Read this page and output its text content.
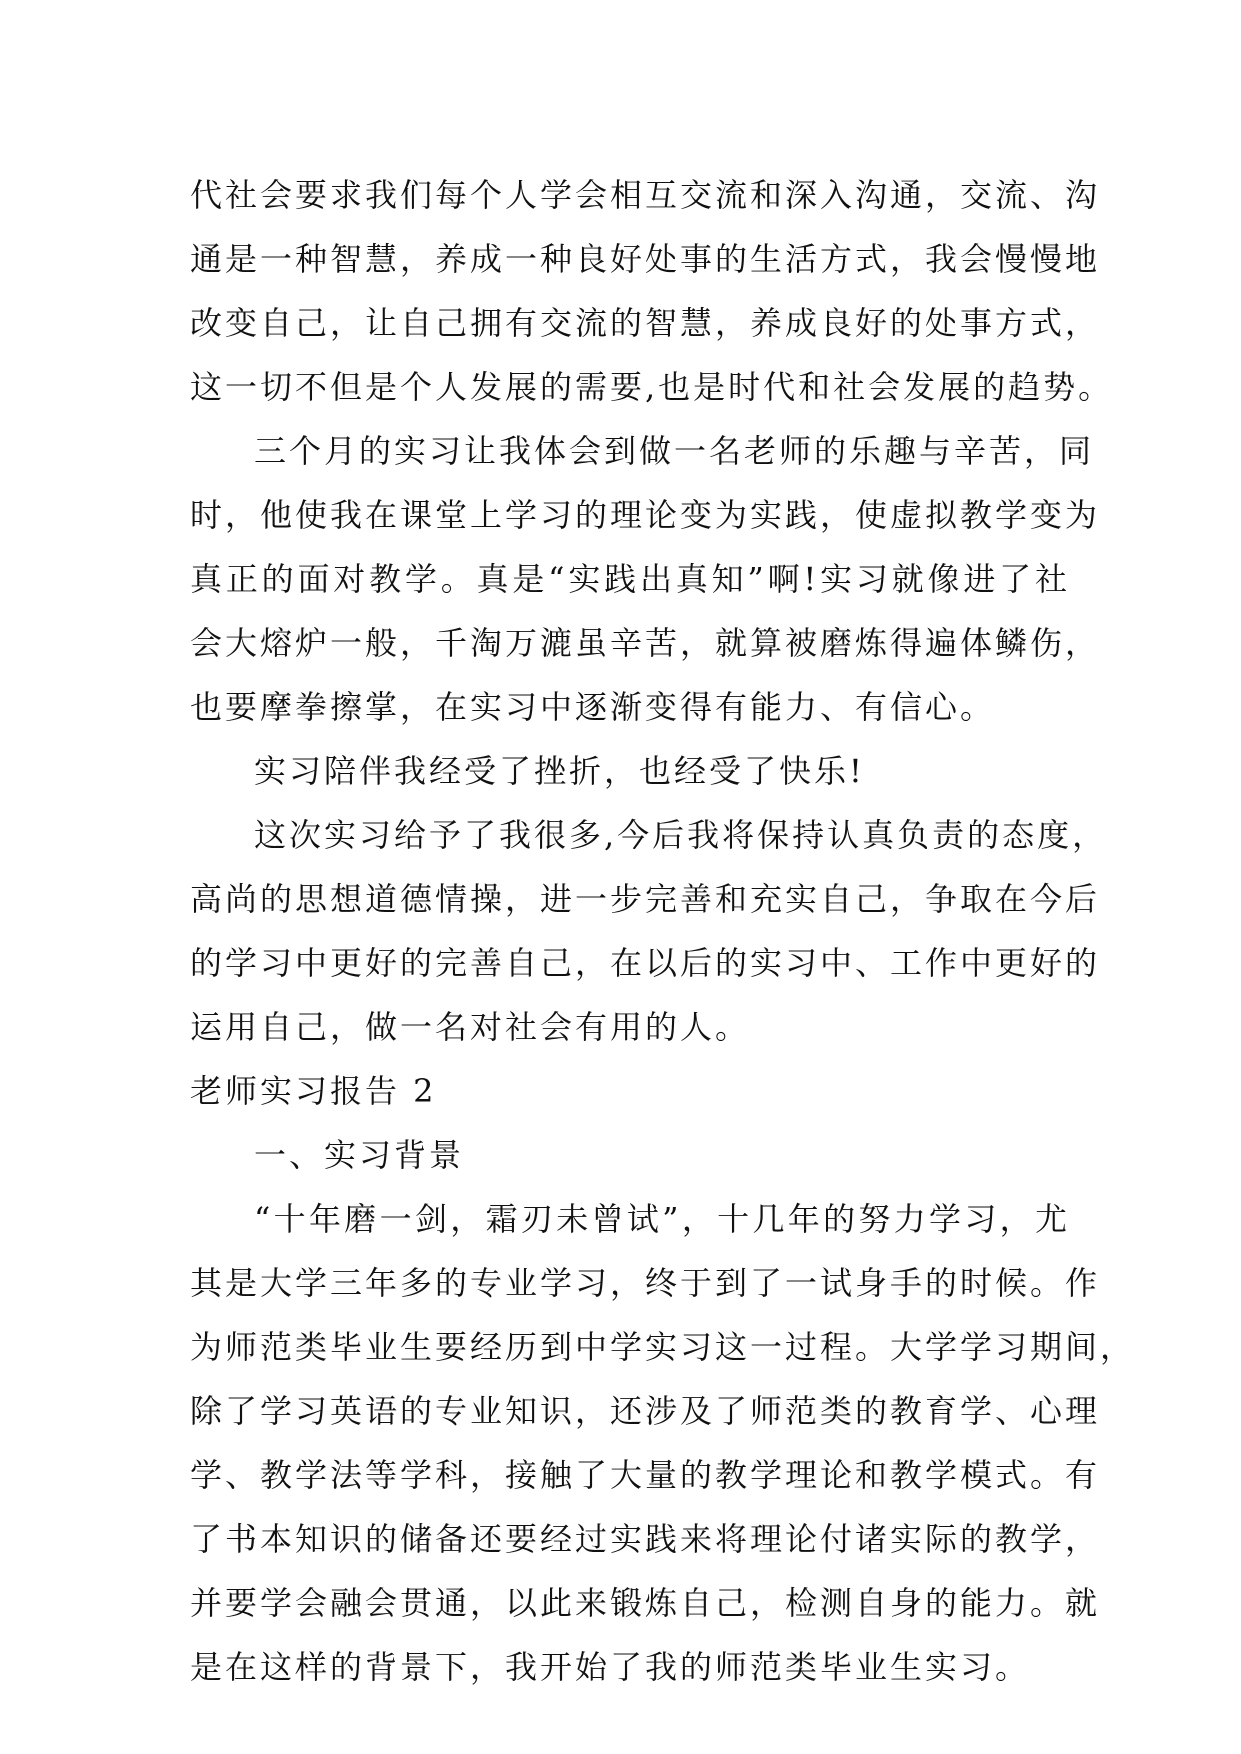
代社会要求我们每个人学会相互交流和深入沟通，交流、沟
通是一种智慧，养成一种良好处事的生活方式，我会慢慢地
改变自己，让自己拥有交流的智慧，养成良好的处事方式，
这一切不但是个人发展的需要,也是时代和社会发展的趋势。
三个月的实习让我体会到做一名老师的乐趣与辛苦，同
时，他使我在课堂上学习的理论变为实践，使虚拟教学变为
真正的面对教学。真是“实践出真知”啊!实习就像进了社
会大熔炉一般，千淘万漉虽辛苦，就算被磨炼得遍体鳞伤，
也要摩拳擦掌，在实习中逐渐变得有能力、有信心。
实习陪伴我经受了挫折，也经受了快乐!
这次实习给予了我很多,今后我将保持认真负责的态度，
高尚的思想道德情操，进一步完善和充实自己，争取在今后
的学习中更好的完善自己，在以后的实习中、工作中更好的
运用自己，做一名对社会有用的人。
老师实习报告 2
一、实习背景
“十年磨一剑，霜刃未曾试”，十几年的努力学习，尤
其是大学三年多的专业学习，终于到了一试身手的时候。作
为师范类毕业生要经历到中学实习这一过程。大学学习期间，
除了学习英语的专业知识，还涉及了师范类的教育学、心理
学、教学法等学科，接触了大量的教学理论和教学模式。有
了书本知识的储备还要经过实践来将理论付诸实际的教学，
并要学会融会贯通，以此来锻炼自己，检测自身的能力。就
是在这样的背景下，我开始了我的师范类毕业生实习。
